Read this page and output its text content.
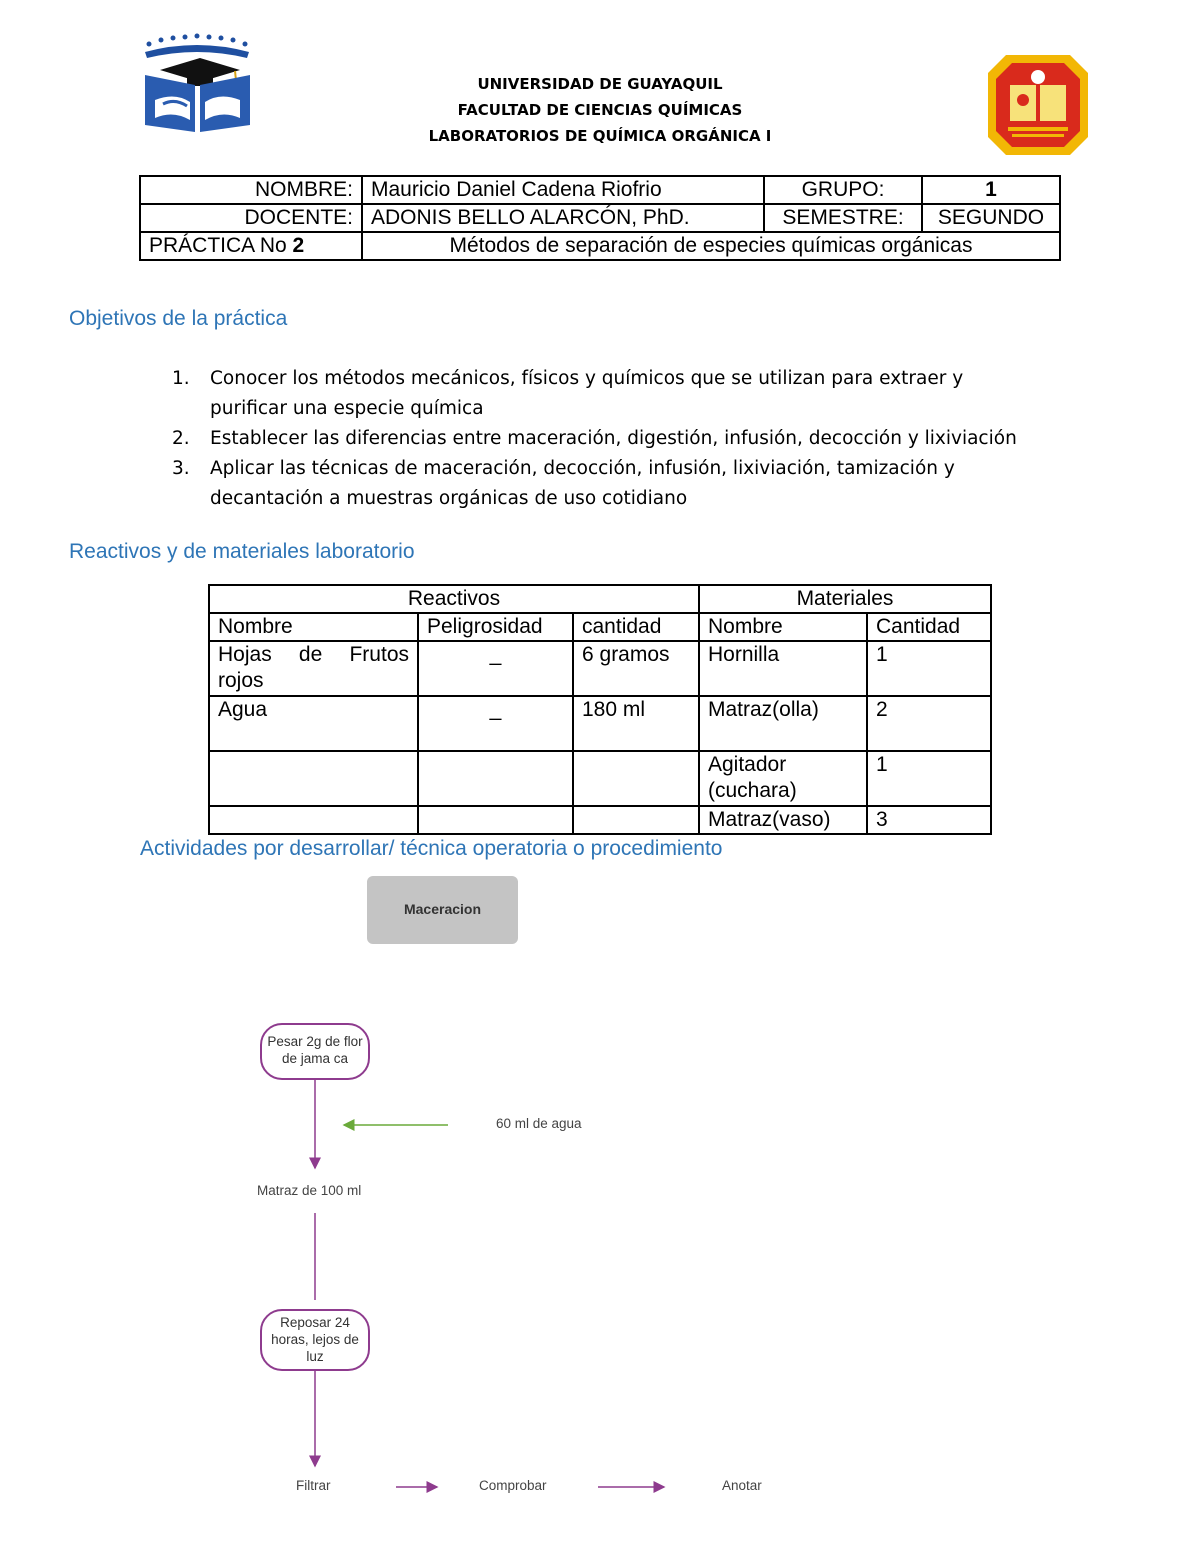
UNIVERSIDAD DE GUAYAQUIL
FACULTAD DE CIENCIAS QUÍMICAS
LABORATORIOS DE QUÍMICA ORGÁNICA I
NOMBRE:	Mauricio Daniel Cadena Riofrio	GRUPO:	1
DOCENTE:	ADONIS BELLO ALARCÓN, PhD.	SEMESTRE:	SEGUNDO
PRÁCTICA No 2	Métodos de separación de especies químicas orgánicas		
Objetivos de la práctica
1.	Conocer los métodos mecánicos, físicos y químicos que se utilizan para extraer y
purificar una especie química
2.	Establecer las diferencias entre maceración, digestión, infusión, decocción y lixiviación
3.	Aplicar las técnicas de maceración, decocción, infusión, lixiviación, tamización y
decantación a muestras orgánicas de uso cotidiano
Reactivos y de materiales laboratorio
Reactivos			Materiales	
Nombre	Peligrosidad	cantidad	Nombre	Cantidad
Hojas de Frutos rojos	_	6 gramos	Hornilla	1
Agua	_	180 ml	Matraz(olla)	2
			Agitador (cuchara)	1
			Matraz(vaso)	3
Actividades por desarrollar/ técnica operatoria o procedimiento
Maceracion
Pesar 2g de flor de jama ca
60 ml de agua
Matraz de 100 ml
Reposar 24 horas, lejos de luz
Filtrar	Comprobar	Anotar
